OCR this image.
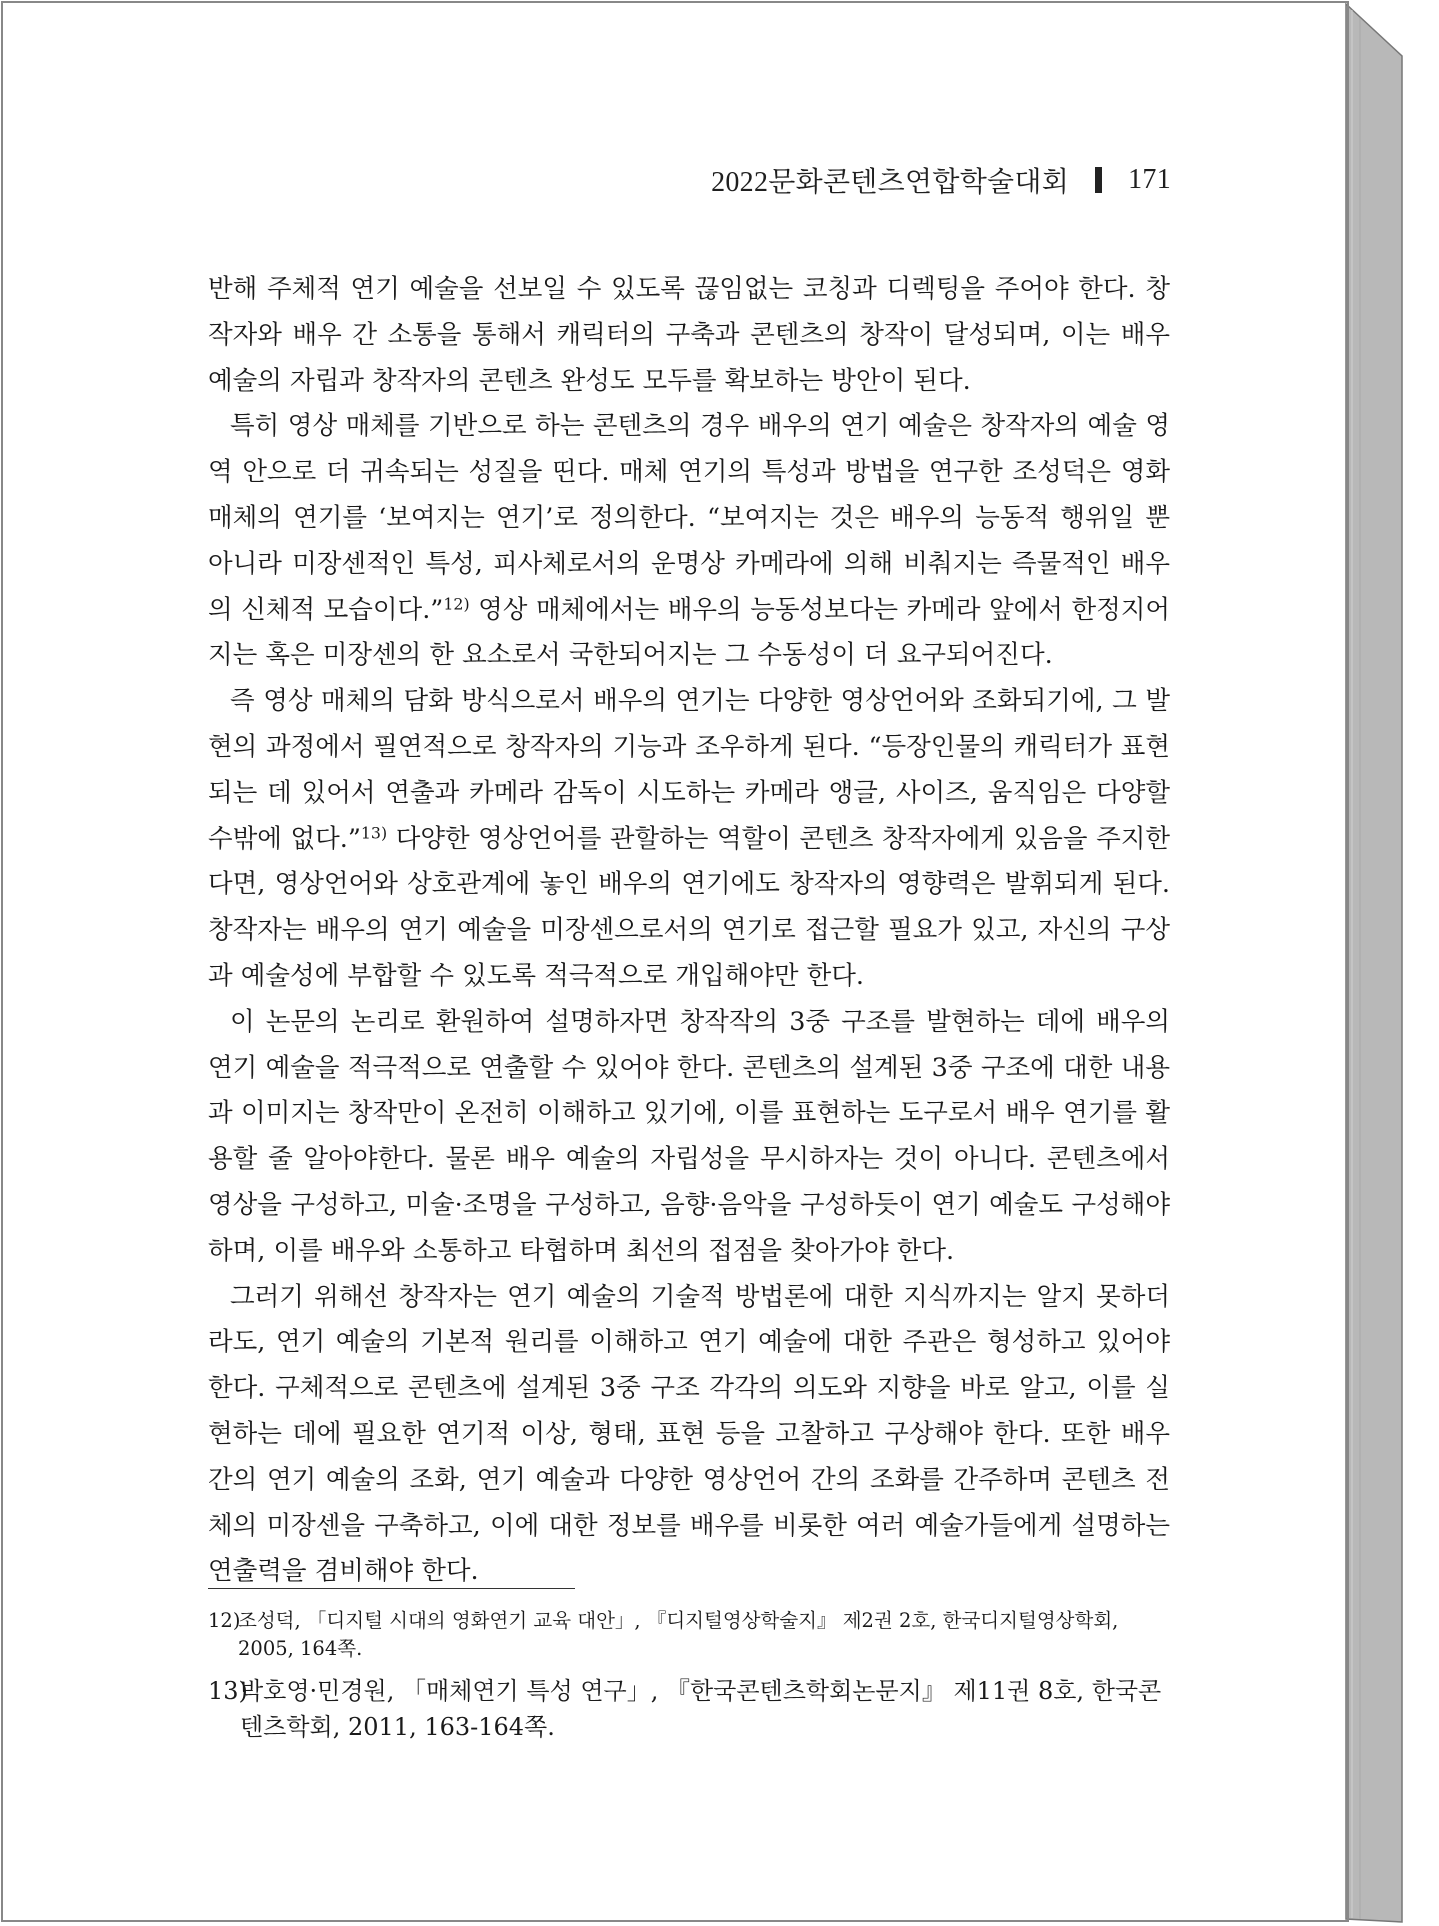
2022문화콘텐츠연합학술대회 171

반해 주체적 연기 예술을 선보일 수 있도록 끊임없는 코칭과 디렉팅을 주어야 한다. 창작자와 배우 간 소통을 통해서 캐릭터의 구축과 콘텐츠의 창작이 달성되며, 이는 배우 예술의 자립과 창작자의 콘텐츠 완성도 모두를 확보하는 방안이 된다.

특히 영상 매체를 기반으로 하는 콘텐츠의 경우 배우의 연기 예술은 창작자의 예술 영역 안으로 더 귀속되는 성질을 띤다. 매체 연기의 특성과 방법을 연구한 조성덕은 영화 매체의 연기를 ‘보여지는 연기’로 정의한다. “보여지는 것은 배우의 능동적 행위일 뿐 아니라 미장센적인 특성, 피사체로서의 운명상 카메라에 의해 비춰지는 즉물적인 배우의 신체적 모습이다.”$^{12)}$ 영상 매체에서는 배우의 능동성보다는 카메라 앞에서 한정지어지는 혹은 미장센의 한 요소로서 국한되어지는 그 수동성이 더 요구되어진다.

즉 영상 매체의 담화 방식으로서 배우의 연기는 다양한 영상언어와 조화되기에, 그 발현의 과정에서 필연적으로 창작자의 기능과 조우하게 된다. “등장인물의 캐릭터가 표현되는 데 있어서 연출과 카메라 감독이 시도하는 카메라 앵글, 사이즈, 움직임은 다양할 수밖에 없다.”$^{13)}$ 다양한 영상언어를 관할하는 역할이 콘텐츠 창작자에게 있음을 주지한다면, 영상언어와 상호관계에 놓인 배우의 연기에도 창작자의 영향력은 발휘되게 된다. 창작자는 배우의 연기 예술을 미장센으로서의 연기로 접근할 필요가 있고, 자신의 구상과 예술성에 부합할 수 있도록 적극적으로 개입해야만 한다.

이 논문의 논리로 환원하여 설명하자면 창작작의 3중 구조를 발현하는 데에 배우의 연기 예술을 적극적으로 연출할 수 있어야 한다. 콘텐츠의 설계된 3중 구조에 대한 내용과 이미지는 창작만이 온전히 이해하고 있기에, 이를 표현하는 도구로서 배우 연기를 활용할 줄 알아야한다. 물론 배우 예술의 자립성을 무시하자는 것이 아니다. 콘텐츠에서 영상을 구성하고, 미술·조명을 구성하고, 음향·음악을 구성하듯이 연기 예술도 구성해야하며, 이를 배우와 소통하고 타협하며 최선의 접점을 찾아가야 한다.

그러기 위해선 창작자는 연기 예술의 기술적 방법론에 대한 지식까지는 알지 못하더라도, 연기 예술의 기본적 원리를 이해하고 연기 예술에 대한 주관은 형성하고 있어야 한다. 구체적으로 콘텐츠에 설계된 3중 구조 각각의 의도와 지향을 바로 알고, 이를 실현하는 데에 필요한 연기적 이상, 형태, 표현 등을 고찰하고 구상해야 한다. 또한 배우 간의 연기 예술의 조화, 연기 예술과 다양한 영상언어 간의 조화를 간주하며 콘텐츠 전체의 미장센을 구축하고, 이에 대한 정보를 배우를 비롯한 여러 예술가들에게 설명하는 연출력을 겸비해야 한다.

12)
조성덕, 「디지털 시대의 영화연기 교육 대안」, 『디지털영상학술지』 제2권 2호, 한국디지털영상학회, 2005, 164쪽.
13)
박호영·민경원, 「매체연기 특성 연구」, 『한국콘텐츠학회논문지』 제11권 8호, 한국콘텐츠학회, 2011, 163-164쪽.
